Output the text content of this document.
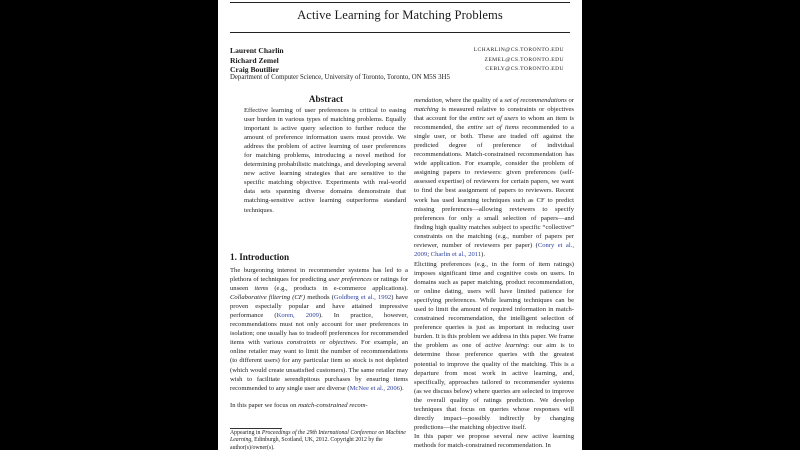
Active Learning for Matching Problems
Laurent Charlin
Richard Zemel
Craig Boutilier
LCHARLIN@CS.TORONTO.EDU
ZEMEL@CS.TORONTO.EDU
CEBLY@CS.TORONTO.EDU
Department of Computer Science, University of Toronto, Toronto, ON M5S 3H5
Abstract
Effective learning of user preferences is critical to easing user burden in various types of matching problems. Equally important is active query selection to further reduce the amount of preference information users must provide. We address the problem of active learning of user preferences for matching problems, introducing a novel method for determining probabilistic matchings, and developing several new active learning strategies that are sensitive to the specific matching objective. Experiments with real-world data sets spanning diverse domains demonstrate that matching-sensitive active learning outperforms standard techniques.
1. Introduction

The burgeoning interest in recommender systems has led to a plethora of techniques for predicting user preferences or ratings for unseen items (e.g., products in e-commerce applications). Collaborative filtering (CF) methods (Goldberg et al., 1992) have proven especially popular and have attained impressive performance (Koren, 2009). In practice, however, recommendations must not only account for user preferences in isolation; one usually has to tradeoff preferences for recommended items with various constraints or objectives. For example, an online retailer may want to limit the number of recommendations (to different users) for any particular item so stock is not depleted (which would create unsatisfied customers). The same retailer may wish to facilitate serendipitous purchases by ensuring items recommended to any single user are diverse (McNee et al., 2006).

In this paper we focus on match-constrained recom-

Appearing in Proceedings of the 29th International Conference on Machine Learning, Edinburgh, Scotland, UK, 2012. Copyright 2012 by the author(s)/owner(s).
mendation, where the quality of a set of recommendations or matching is measured relative to constraints or objectives that account for the entire set of users to whom an item is recommended, the entire set of items recommended to a single user, or both. These are traded off against the predicted degree of preference of individual recommendations. Match-constrained recommendation has wide application. For example, consider the problem of assigning papers to reviewers: given preferences (self-assessed expertise) of reviewers for certain papers, we want to find the best assignment of papers to reviewers. Recent work has used learning techniques such as CF to predict missing preferences—allowing reviewers to specify preferences for only a small selection of papers—and finding high quality matches subject to specific “collective” constraints on the matching (e.g., number of papers per reviewer, number of reviewers per paper) (Conry et al., 2009; Charlin et al., 2011).
Eliciting preferences (e.g., in the form of item ratings) imposes significant time and cognitive costs on users. In domains such as paper matching, product recommendation, or online dating, users will have limited patience for specifying preferences. While learning techniques can be used to limit the amount of required information in match-constrained recommendation, the intelligent selection of preference queries is just as important in reducing user burden. It is this problem we address in this paper. We frame the problem as one of active learning: our aim is to determine those preference queries with the greatest potential to improve the quality of the matching. This is a departure from most work in active learning, and, specifically, approaches tailored to recommender systems (as we discuss below) where queries are selected to improve the overall quality of ratings prediction. We develop techniques that focus on queries whose responses will directly impact—possibly indirectly by changing predictions—the matching objective itself.
In this paper we propose several new active learning methods for match-constrained recommendation. In
